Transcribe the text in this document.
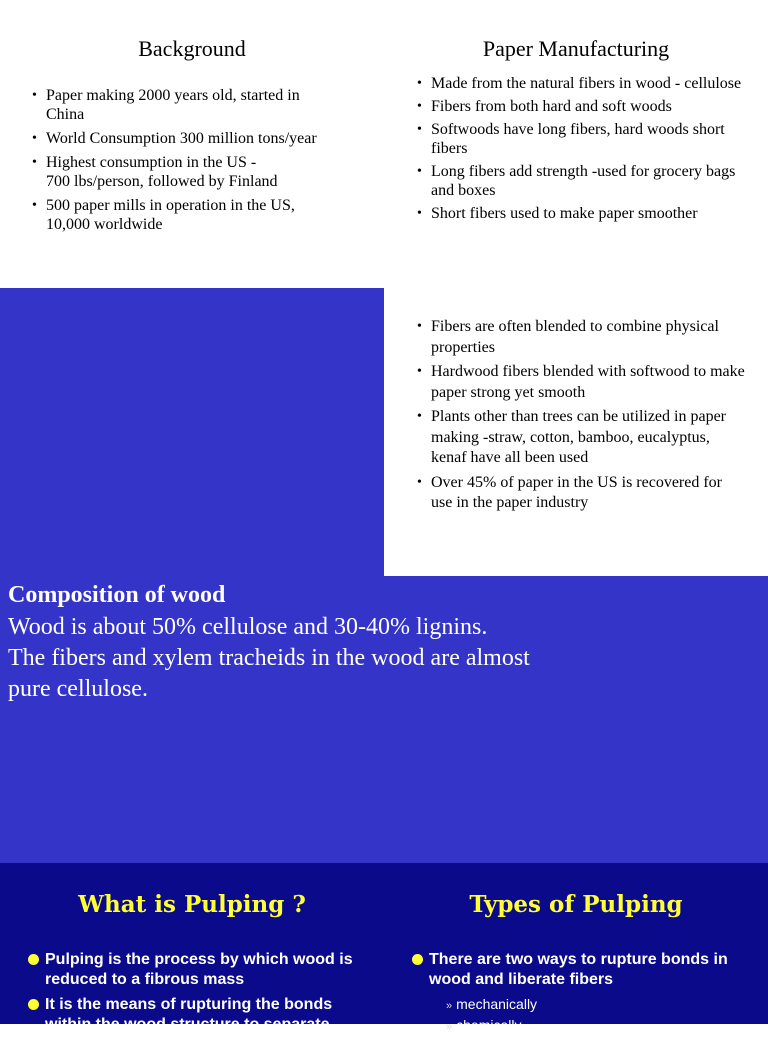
Background
• Paper making 2000 years old, started in China
• World Consumption 300 million tons/year
• Highest consumption in the US -
700 lbs/person, followed by Finland
• 500 paper mills in operation in the US, 10,000 worldwide
Paper Manufacturing
• Made from the natural fibers in wood - cellulose
• Fibers from both hard and soft woods
• Softwoods have long fibers, hard woods short fibers
• Long fibers add strength -used for grocery bags and boxes
• Short fibers used to make paper smoother
• Fibers are often blended to combine physical properties
• Hardwood fibers blended with softwood to make paper strong yet smooth
• Plants other than trees can be utilized in paper making -straw, cotton, bamboo, eucalyptus, kenaf have all been used
• Over 45% of paper in the US is recovered for use in the paper industry
Composition of wood

Wood is about 50% cellulose and 30-40% lignins.
The fibers and xylem tracheids in the wood are almost
pure cellulose.

What is Pulping ?
Pulping is the process by which wood is reduced to a fibrous mass
It is the means of rupturing the bonds within the wood structure to separate
Types of Pulping
There are two ways to rupture bonds in wood and liberate fibers
» mechanically
» chemically
